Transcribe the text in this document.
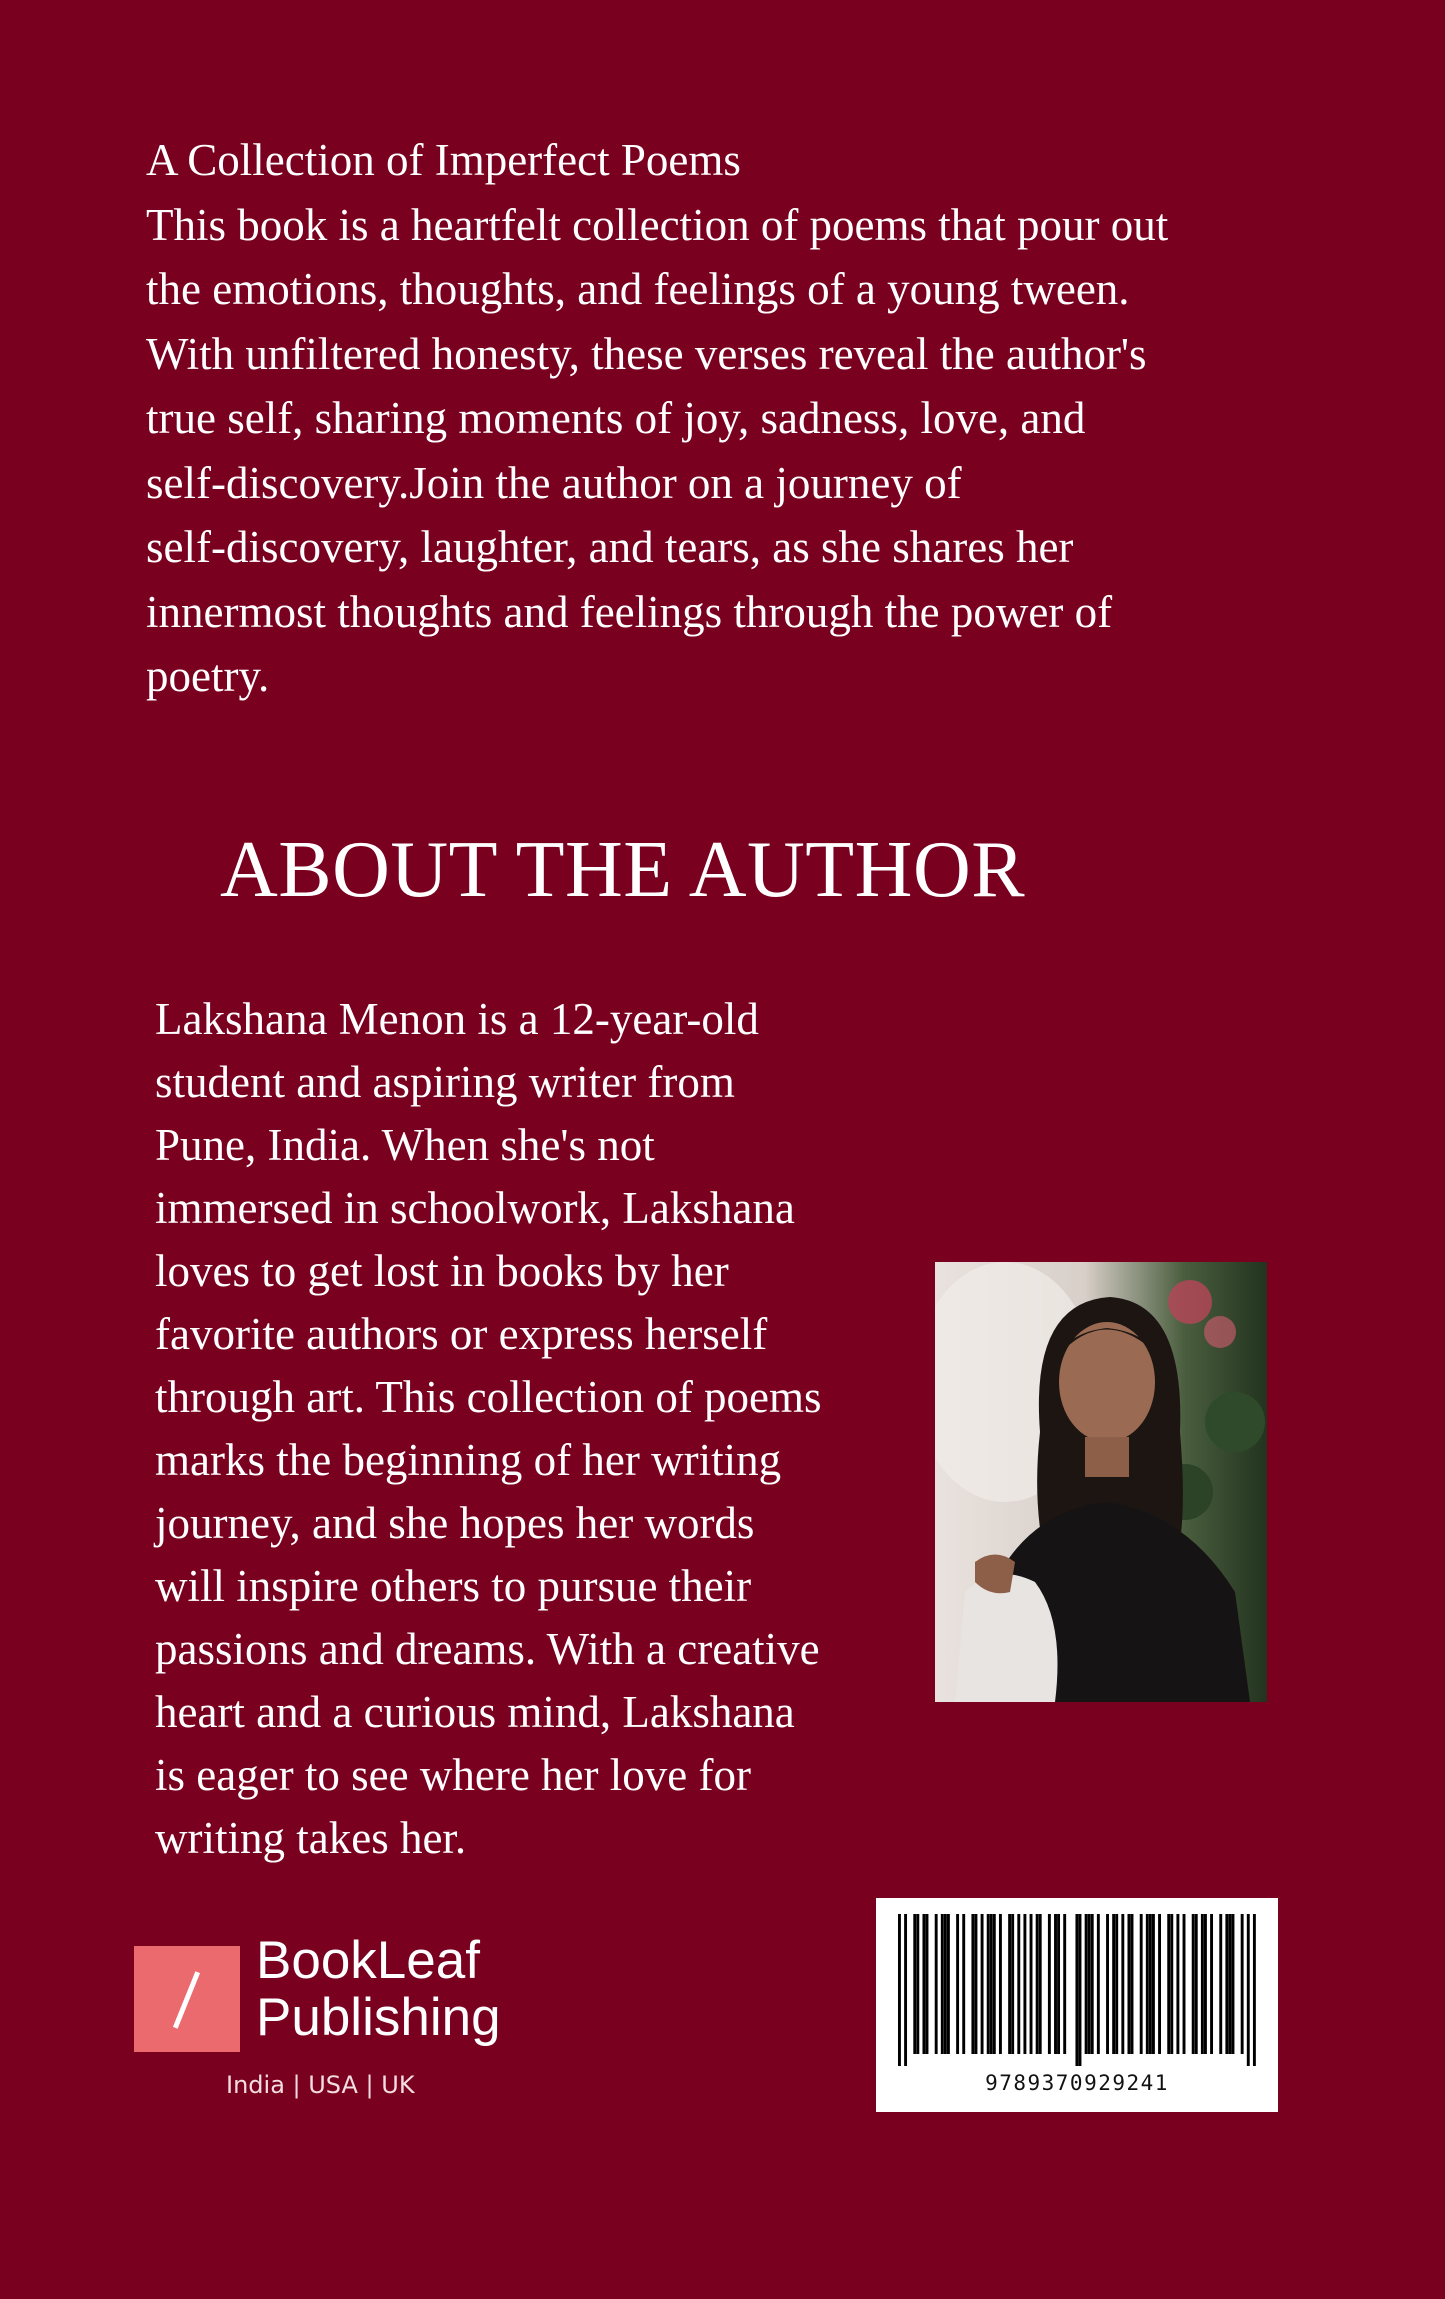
A Collection of Imperfect Poems
This book is a heartfelt collection of poems that pour out
the emotions, thoughts, and feelings of a young tween.
With unfiltered honesty, these verses reveal the author's
true self, sharing moments of joy, sadness, love, and
self-discovery.Join the author on a journey of
self-discovery, laughter, and tears, as she shares her
innermost thoughts and feelings through the power of
poetry.
ABOUT THE AUTHOR
Lakshana Menon is a 12-year-old
student and aspiring writer from
Pune, India. When she's not
immersed in schoolwork, Lakshana
loves to get lost in books by her
favorite authors or express herself
through art. This collection of poems
marks the beginning of her writing
journey, and she hopes her words
will inspire others to pursue their
passions and dreams. With a creative
heart and a curious mind, Lakshana
is eager to see where her love for
writing takes her.
BookLeaf
Publishing
India | USA | UK	9789370929241
